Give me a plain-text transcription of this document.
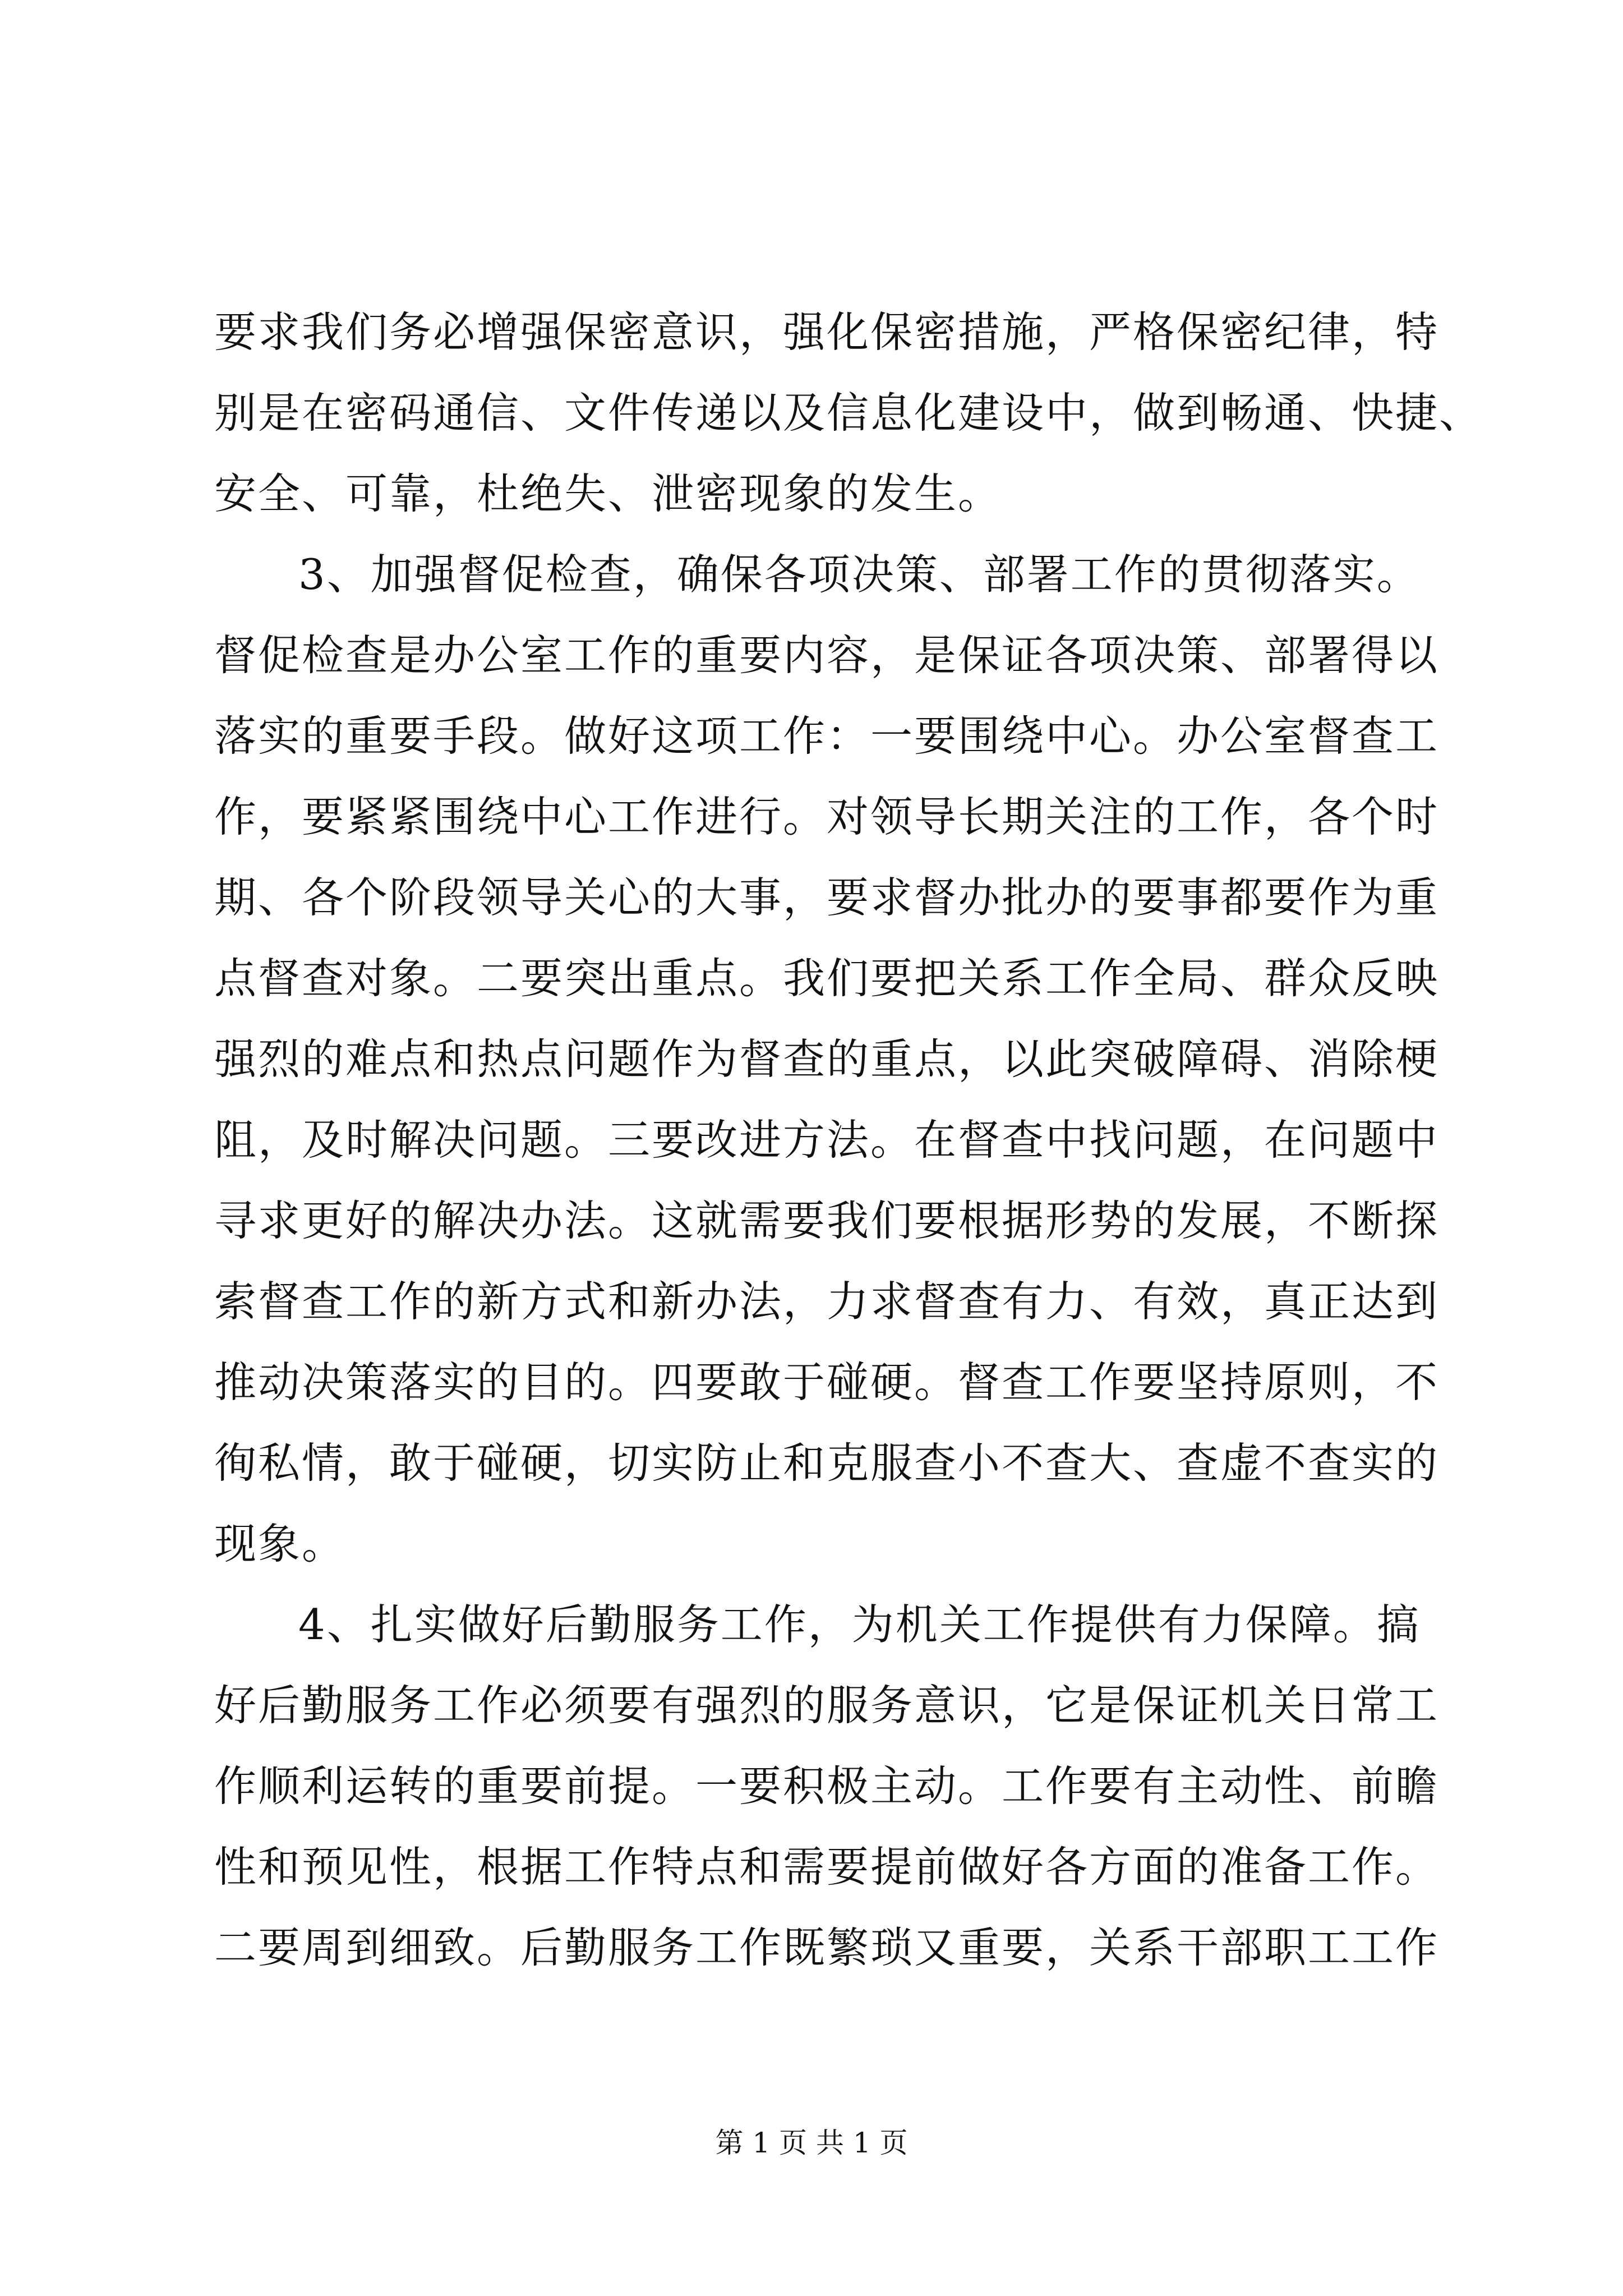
要求我们务必增强保密意识，强化保密措施，严格保密纪律，特
别是在密码通信、文件传递以及信息化建设中，做到畅通、快捷、
安全、可靠，杜绝失、泄密现象的发生。
3、加强督促检查，确保各项决策、部署工作的贯彻落实。
督促检查是办公室工作的重要内容，是保证各项决策、部署得以
落实的重要手段。做好这项工作：一要围绕中心。办公室督查工
作，要紧紧围绕中心工作进行。对领导长期关注的工作，各个时
期、各个阶段领导关心的大事，要求督办批办的要事都要作为重
点督查对象。二要突出重点。我们要把关系工作全局、群众反映
强烈的难点和热点问题作为督查的重点，以此突破障碍、消除梗
阻，及时解决问题。三要改进方法。在督查中找问题，在问题中
寻求更好的解决办法。这就需要我们要根据形势的发展，不断探
索督查工作的新方式和新办法，力求督查有力、有效，真正达到
推动决策落实的目的。四要敢于碰硬。督查工作要坚持原则，不
徇私情，敢于碰硬，切实防止和克服查小不查大、查虚不查实的
现象。
4、扎实做好后勤服务工作，为机关工作提供有力保障。搞
好后勤服务工作必须要有强烈的服务意识，它是保证机关日常工
作顺利运转的重要前提。一要积极主动。工作要有主动性、前瞻
性和预见性，根据工作特点和需要提前做好各方面的准备工作。
二要周到细致。后勤服务工作既繁琐又重要，关系干部职工工作
第 1 页 共 1 页
